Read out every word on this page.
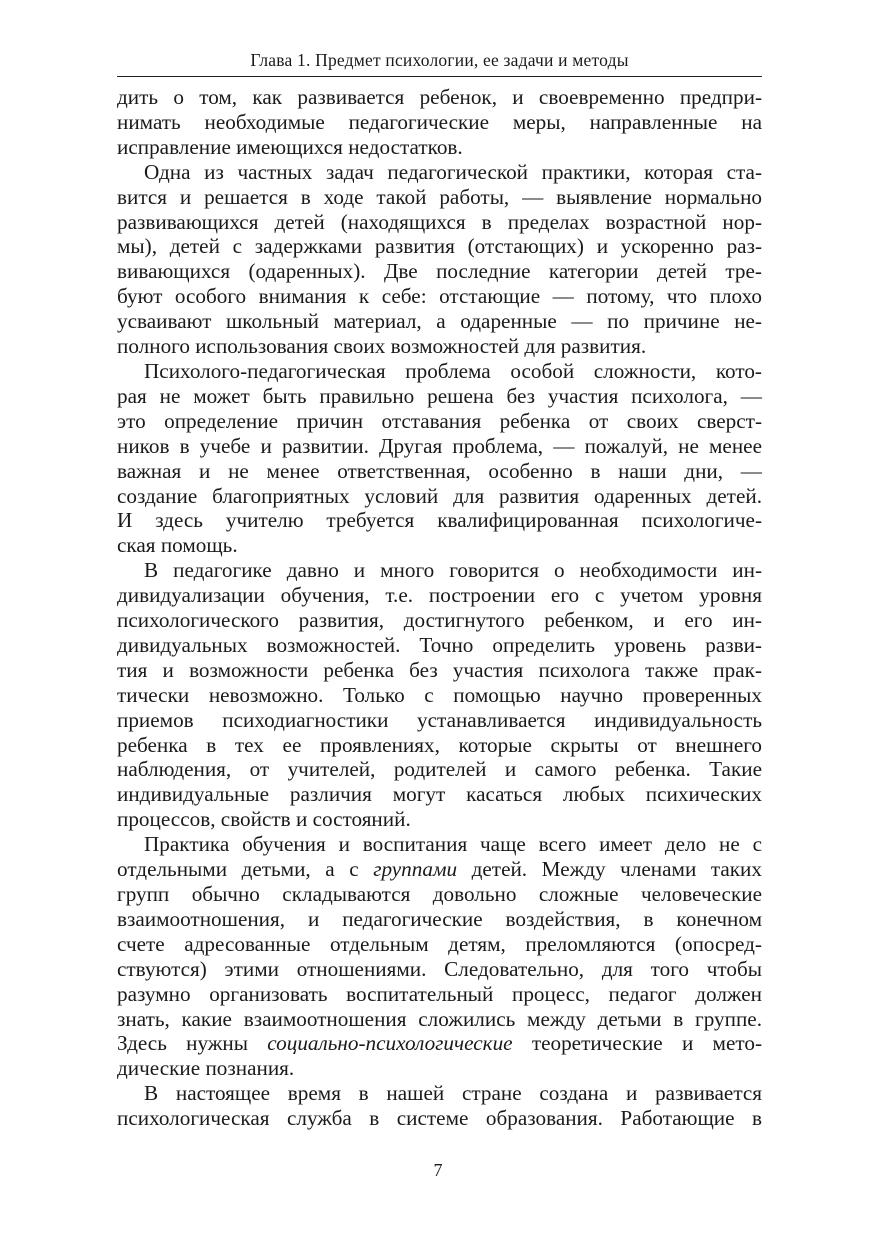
Глава 1. Предмет психологии, ее задачи и методы
дить о том, как развивается ребенок, и своевременно предпри-
нимать необходимые педагогические меры, направленные на
исправление имеющихся недостатков.
Одна из частных задач педагогической практики, которая ста-
вится и решается в ходе такой работы, — выявление нормально
развивающихся детей (находящихся в пределах возрастной нор-
мы), детей с задержками развития (отстающих) и ускоренно раз-
вивающихся (одаренных). Две последние категории детей тре-
буют особого внимания к себе: отстающие — потому, что плохо
усваивают школьный материал, а одаренные — по причине не-
полного использования своих возможностей для развития.
Психолого-педагогическая проблема особой сложности, кото-
рая не может быть правильно решена без участия психолога, —
это определение причин отставания ребенка от своих сверст-
ников в учебе и развитии. Другая проблема, — пожалуй, не менее
важная и не менее ответственная, особенно в наши дни, —
создание благоприятных условий для развития одаренных детей.
И здесь учителю требуется квалифицированная психологиче-
ская помощь.
В педагогике давно и много говорится о необходимости ин-
дивидуализации обучения, т.е. построении его с учетом уровня
психологического развития, достигнутого ребенком, и его ин-
дивидуальных возможностей. Точно определить уровень разви-
тия и возможности ребенка без участия психолога также прак-
тически невозможно. Только с помощью научно проверенных
приемов психодиагностики устанавливается индивидуальность
ребенка в тех ее проявлениях, которые скрыты от внешнего
наблюдения, от учителей, родителей и самого ребенка. Такие
индивидуальные различия могут касаться любых психических
процессов, свойств и состояний.
Практика обучения и воспитания чаще всего имеет дело не с
отдельными детьми, а с группами детей. Между членами таких
групп обычно складываются довольно сложные человеческие
взаимоотношения, и педагогические воздействия, в конечном
счете адресованные отдельным детям, преломляются (опосред-
ствуются) этими отношениями. Следовательно, для того чтобы
разумно организовать воспитательный процесс, педагог должен
знать, какие взаимоотношения сложились между детьми в группе.
Здесь нужны социально-психологические теоретические и мето-
дические познания.
В настоящее время в нашей стране создана и развивается
психологическая служба в системе образования. Работающие в
7
